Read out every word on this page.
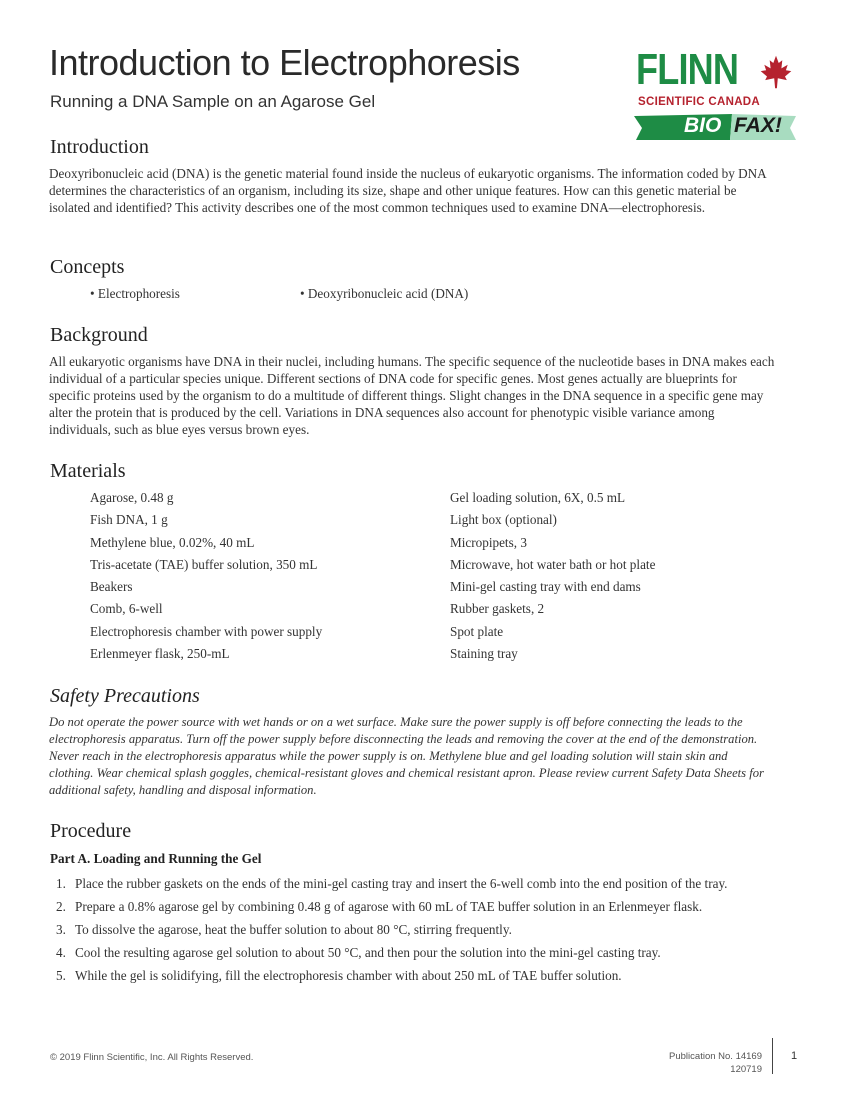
Introduction to Electrophoresis

Running a DNA Sample on an Agarose Gel

FLINN
SCIENTIFIC CANADA
BIO FAX!
Introduction

Deoxyribonucleic acid (DNA) is the genetic material found inside the nucleus of eukaryotic organisms. The information coded by DNA determines the characteristics of an organism, including its size, shape and other unique features. How can this genetic material be isolated and identified? This activity describes one of the most common techniques used to examine DNA—electrophoresis.

Concepts
• Electrophoresis	• Deoxyribonucleic acid (DNA)
Background

All eukaryotic organisms have DNA in their nuclei, including humans. The specific sequence of the nucleotide bases in DNA makes each individual of a particular species unique. Different sections of DNA code for specific genes. Most genes actually are blueprints for specific proteins used by the organism to do a multitude of different things. Slight changes in the DNA sequence in a specific gene may alter the protein that is produced by the cell. Variations in DNA sequences also account for phenotypic visible variance among individuals, such as blue eyes versus brown eyes.

Materials
Agarose, 0.48 g
Fish DNA, 1 g
Methylene blue, 0.02%, 40 mL
Tris-acetate (TAE) buffer solution, 350 mL
Beakers
Comb, 6-well
Electrophoresis chamber with power supply
Erlenmeyer flask, 250-mL
Gel loading solution, 6X, 0.5 mL
Light box (optional)
Micropipets, 3
Microwave, hot water bath or hot plate
Mini-gel casting tray with end dams
Rubber gaskets, 2
Spot plate
Staining tray
Safety Precautions

Do not operate the power source with wet hands or on a wet surface. Make sure the power supply is off before connecting the leads to the electrophoresis apparatus. Turn off the power supply before disconnecting the leads and removing the cover at the end of the demonstration. Never reach in the electrophoresis apparatus while the power supply is on. Methylene blue and gel loading solution will stain skin and clothing. Wear chemical splash goggles, chemical-resistant gloves and chemical resistant apron. Please review current Safety Data Sheets for additional safety, handling and disposal information.

Procedure

Part A. Loading and Running the Gel

1. Place the rubber gaskets on the ends of the mini-gel casting tray and insert the 6-well comb into the end position of the tray.
2. Prepare a 0.8% agarose gel by combining 0.48 g of agarose with 60 mL of TAE buffer solution in an Erlenmeyer flask.
3. To dissolve the agarose, heat the buffer solution to about 80 °C, stirring frequently.
4. Cool the resulting agarose gel solution to about 50 °C, and then pour the solution into the mini-gel casting tray.
5. While the gel is solidifying, fill the electrophoresis chamber with about 250 mL of TAE buffer solution.
© 2019 Flinn Scientific, Inc. All Rights Reserved.	Publication No. 14169
120719
1
